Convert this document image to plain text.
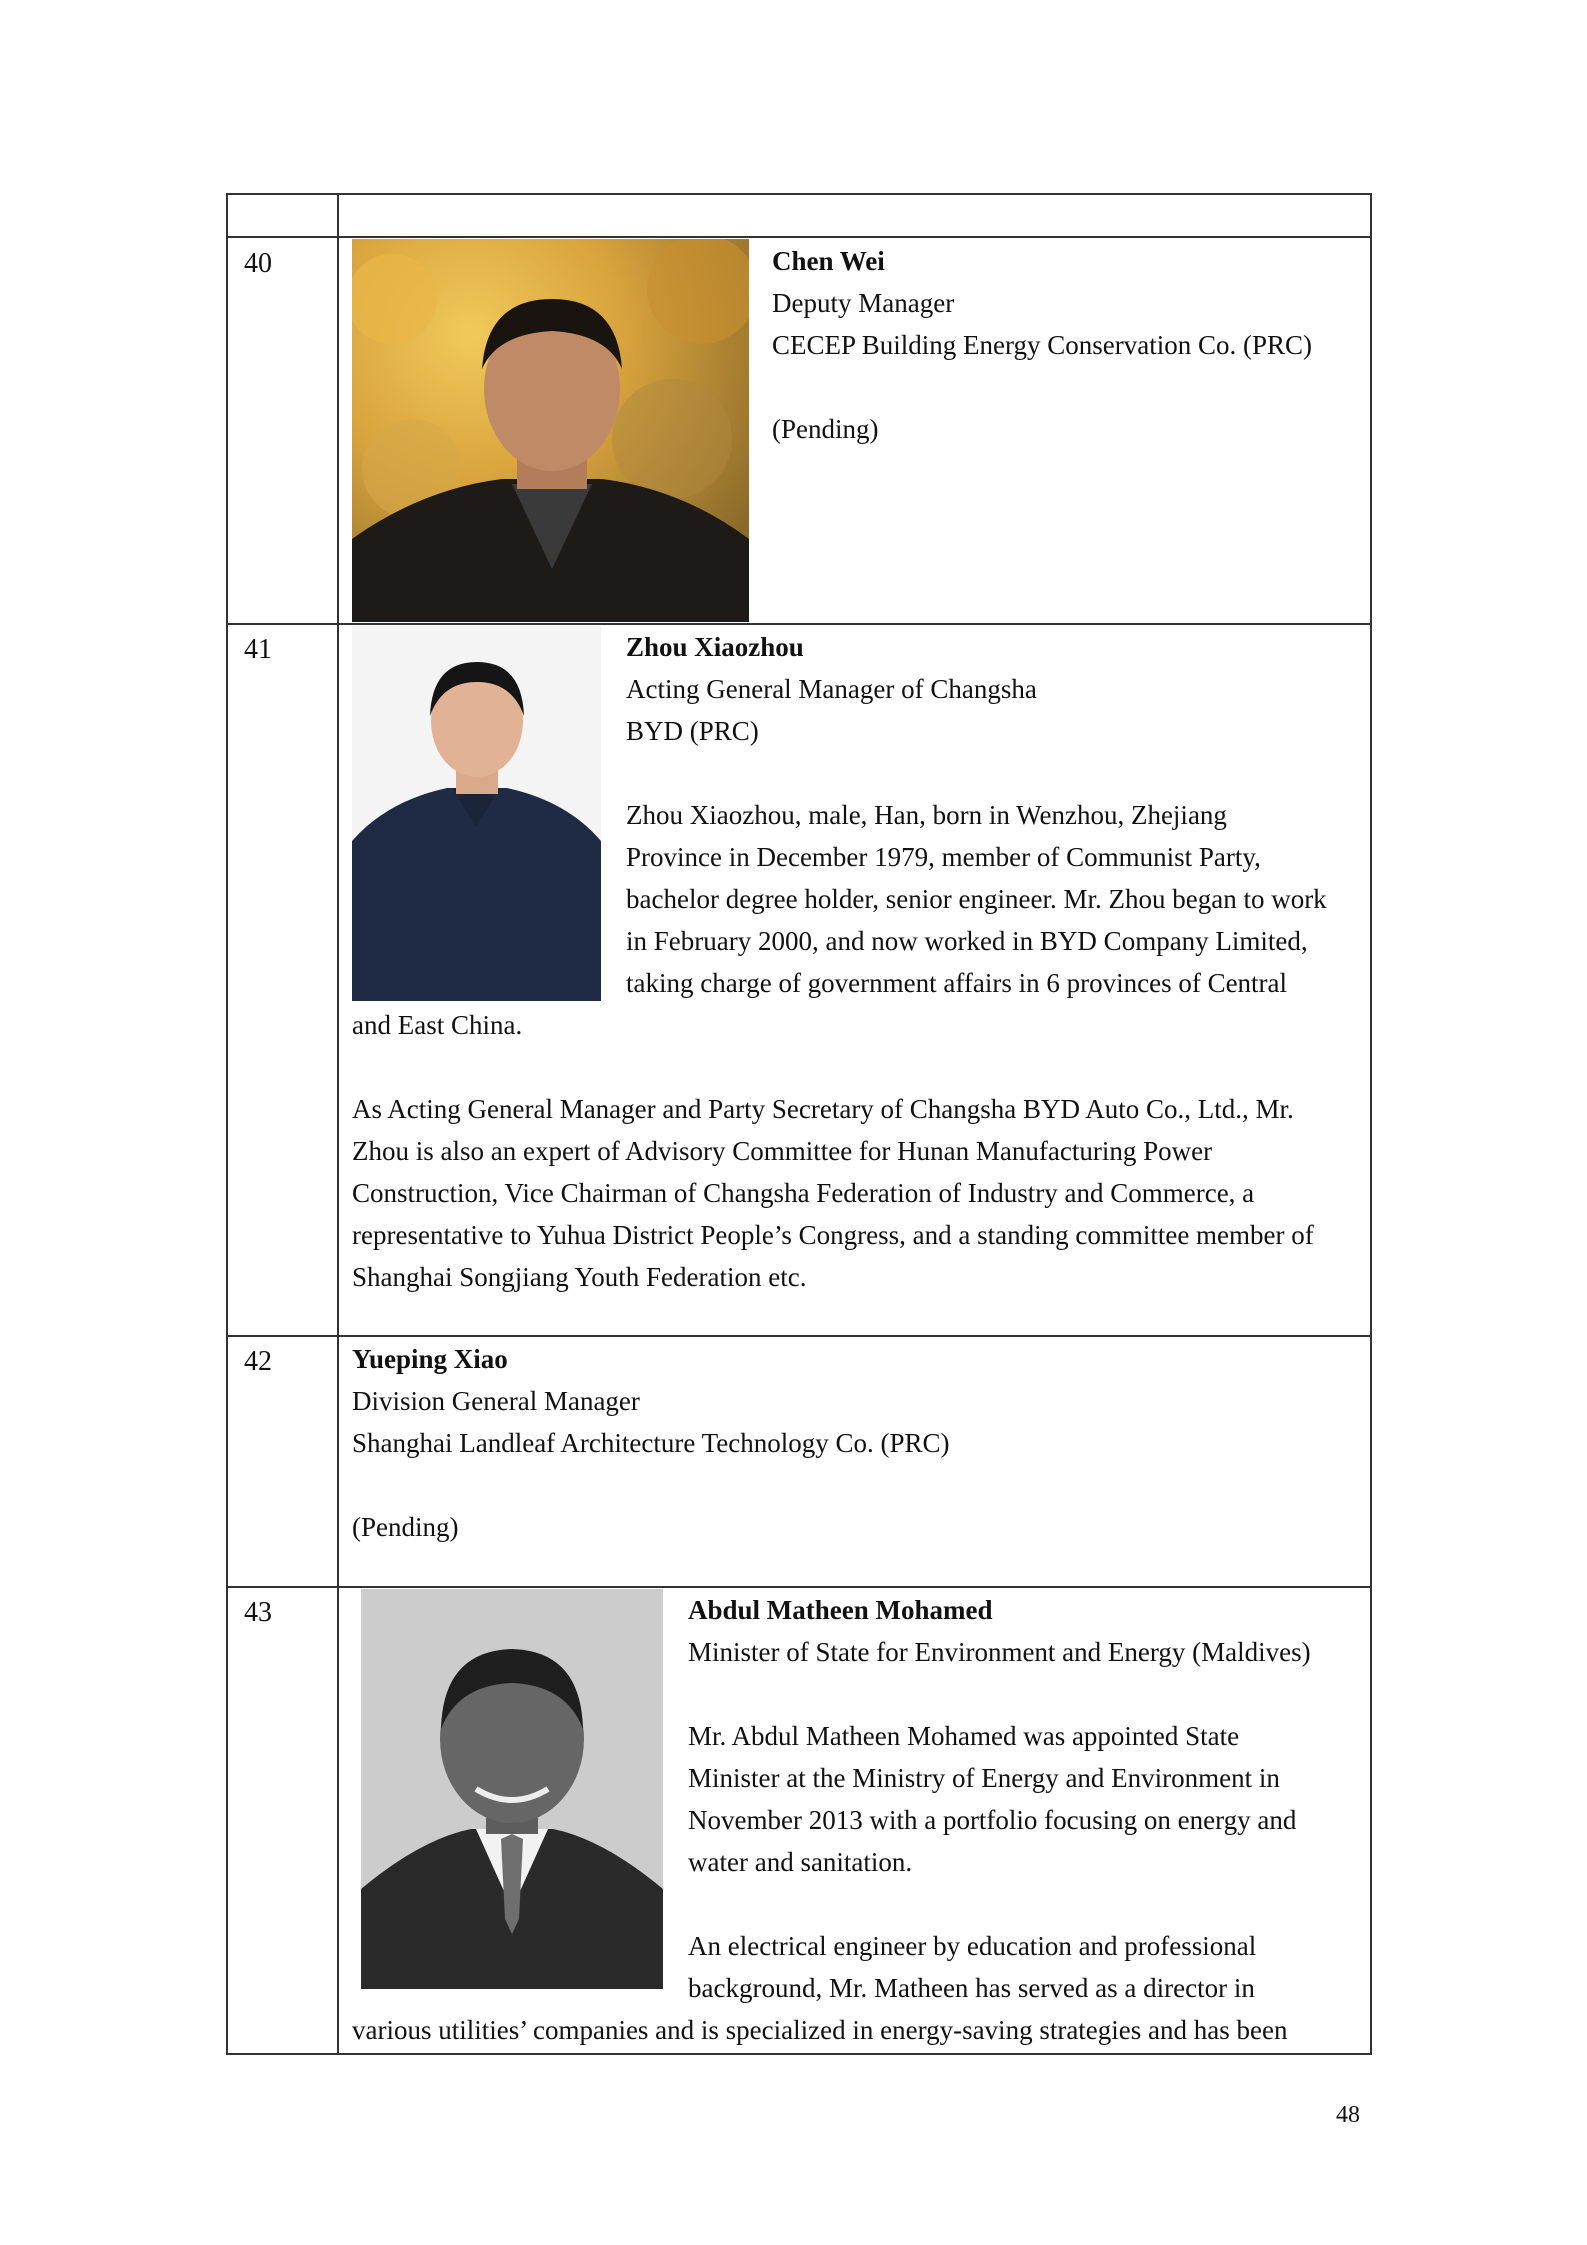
40	Chen Wei

Deputy Manager

CECEP Building Energy Conservation Co. (PRC)

(Pending)

41	Zhou Xiaozhou

Acting General Manager of Changsha

BYD (PRC)

Zhou Xiaozhou, male, Han, born in Wenzhou, Zhejiang

Province in December 1979, member of Communist Party,

bachelor degree holder, senior engineer. Mr. Zhou began to work

in February 2000, and now worked in BYD Company Limited,

taking charge of government affairs in 6 provinces of Central

and East China.

As Acting General Manager and Party Secretary of Changsha BYD Auto Co., Ltd., Mr.

Zhou is also an expert of Advisory Committee for Hunan Manufacturing Power

Construction, Vice Chairman of Changsha Federation of Industry and Commerce, a

representative to Yuhua District People’s Congress, and a standing committee member of

Shanghai Songjiang Youth Federation etc.

42	Yueping Xiao

Division General Manager

Shanghai Landleaf Architecture Technology Co. (PRC)

(Pending)

43	Abdul Matheen Mohamed

Minister of State for Environment and Energy (Maldives)

Mr. Abdul Matheen Mohamed was appointed State

Minister at the Ministry of Energy and Environment in

November 2013 with a portfolio focusing on energy and

water and sanitation.

An electrical engineer by education and professional

background, Mr. Matheen has served as a director in

various utilities’ companies and is specialized in energy-saving strategies and has been

48
